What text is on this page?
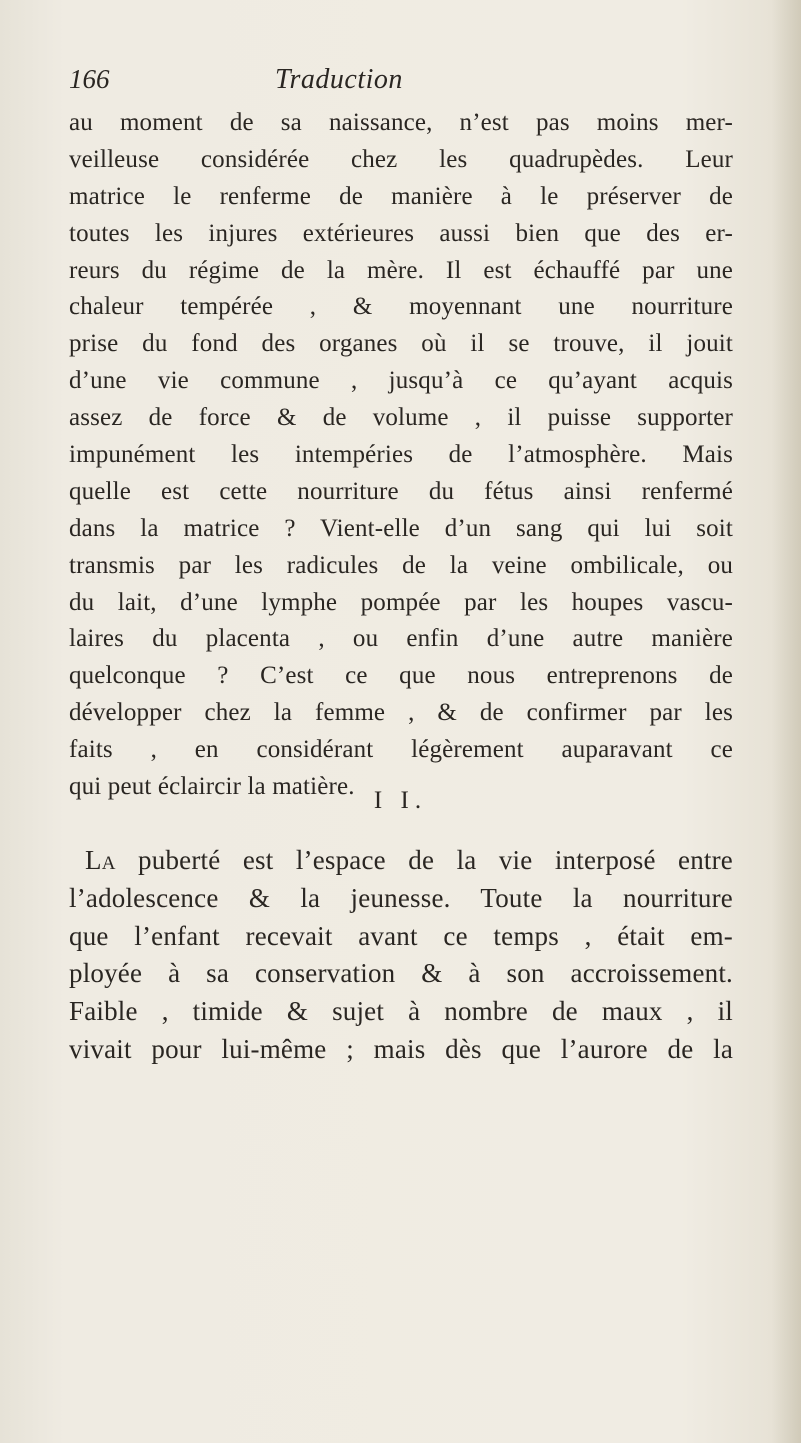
166	Traduction
au moment de sa naissance, n’est pas moins mer-
veilleuse considérée chez les quadrupèdes. Leur
matrice le renferme de manière à le préserver de
toutes les injures extérieures aussi bien que des er-
reurs du régime de la mère. Il est échauffé par une
chaleur tempérée , & moyennant une nourriture
prise du fond des organes où il se trouve, il jouit
d’une vie commune , jusqu’à ce qu’ayant acquis
assez de force & de volume , il puisse supporter
impunément les intempéries de l’atmosphère. Mais
quelle est cette nourriture du fétus ainsi renfermé
dans la matrice ? Vient-elle d’un sang qui lui soit
transmis par les radicules de la veine ombilicale, ou
du lait, d’une lymphe pompée par les houpes vascu-
laires du placenta , ou enfin d’une autre manière
quelconque ? C’est ce que nous entreprenons de
développer chez la femme , & de confirmer par les
faits , en considérant légèrement auparavant ce
qui peut éclaircir la matière.
I I.
La puberté est l’espace de la vie interposé entre
l’adolescence & la jeunesse. Toute la nourriture
que l’enfant recevait avant ce temps , était em-
ployée à sa conservation & à son accroissement.
Faible , timide & sujet à nombre de maux , il
vivait pour lui-même ; mais dès que l’aurore de la
